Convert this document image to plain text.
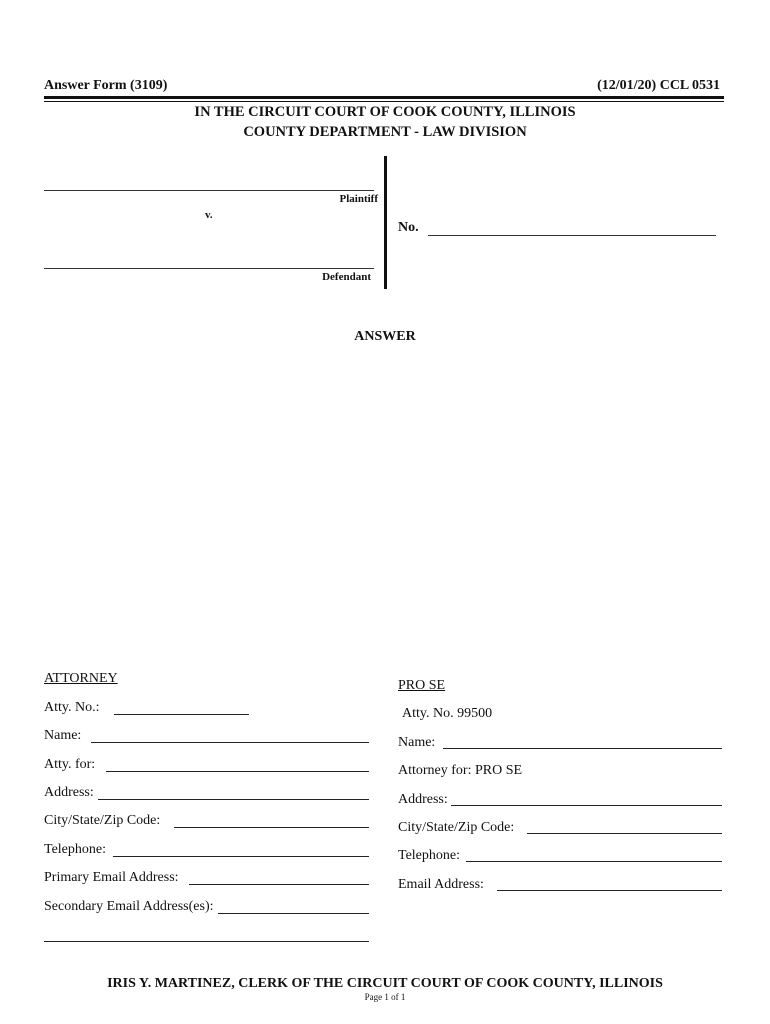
Answer Form (3109)	(12/01/20) CCL 0531
IN THE CIRCUIT COURT OF COOK COUNTY, ILLINOIS
COUNTY DEPARTMENT - LAW DIVISION
Plaintiff
v.
Defendant
No.
ANSWER
ATTORNEY
Atty. No.:
Name:
Atty. for:
Address:
City/State/Zip Code:
Telephone:
Primary Email Address:
Secondary Email Address(es):
PRO SE
Atty. No. 99500
Name:
Attorney for: PRO SE
Address:
City/State/Zip Code:
Telephone:
Email Address:
IRIS Y. MARTINEZ, CLERK OF THE CIRCUIT COURT OF COOK COUNTY, ILLINOIS
Page 1 of 1
